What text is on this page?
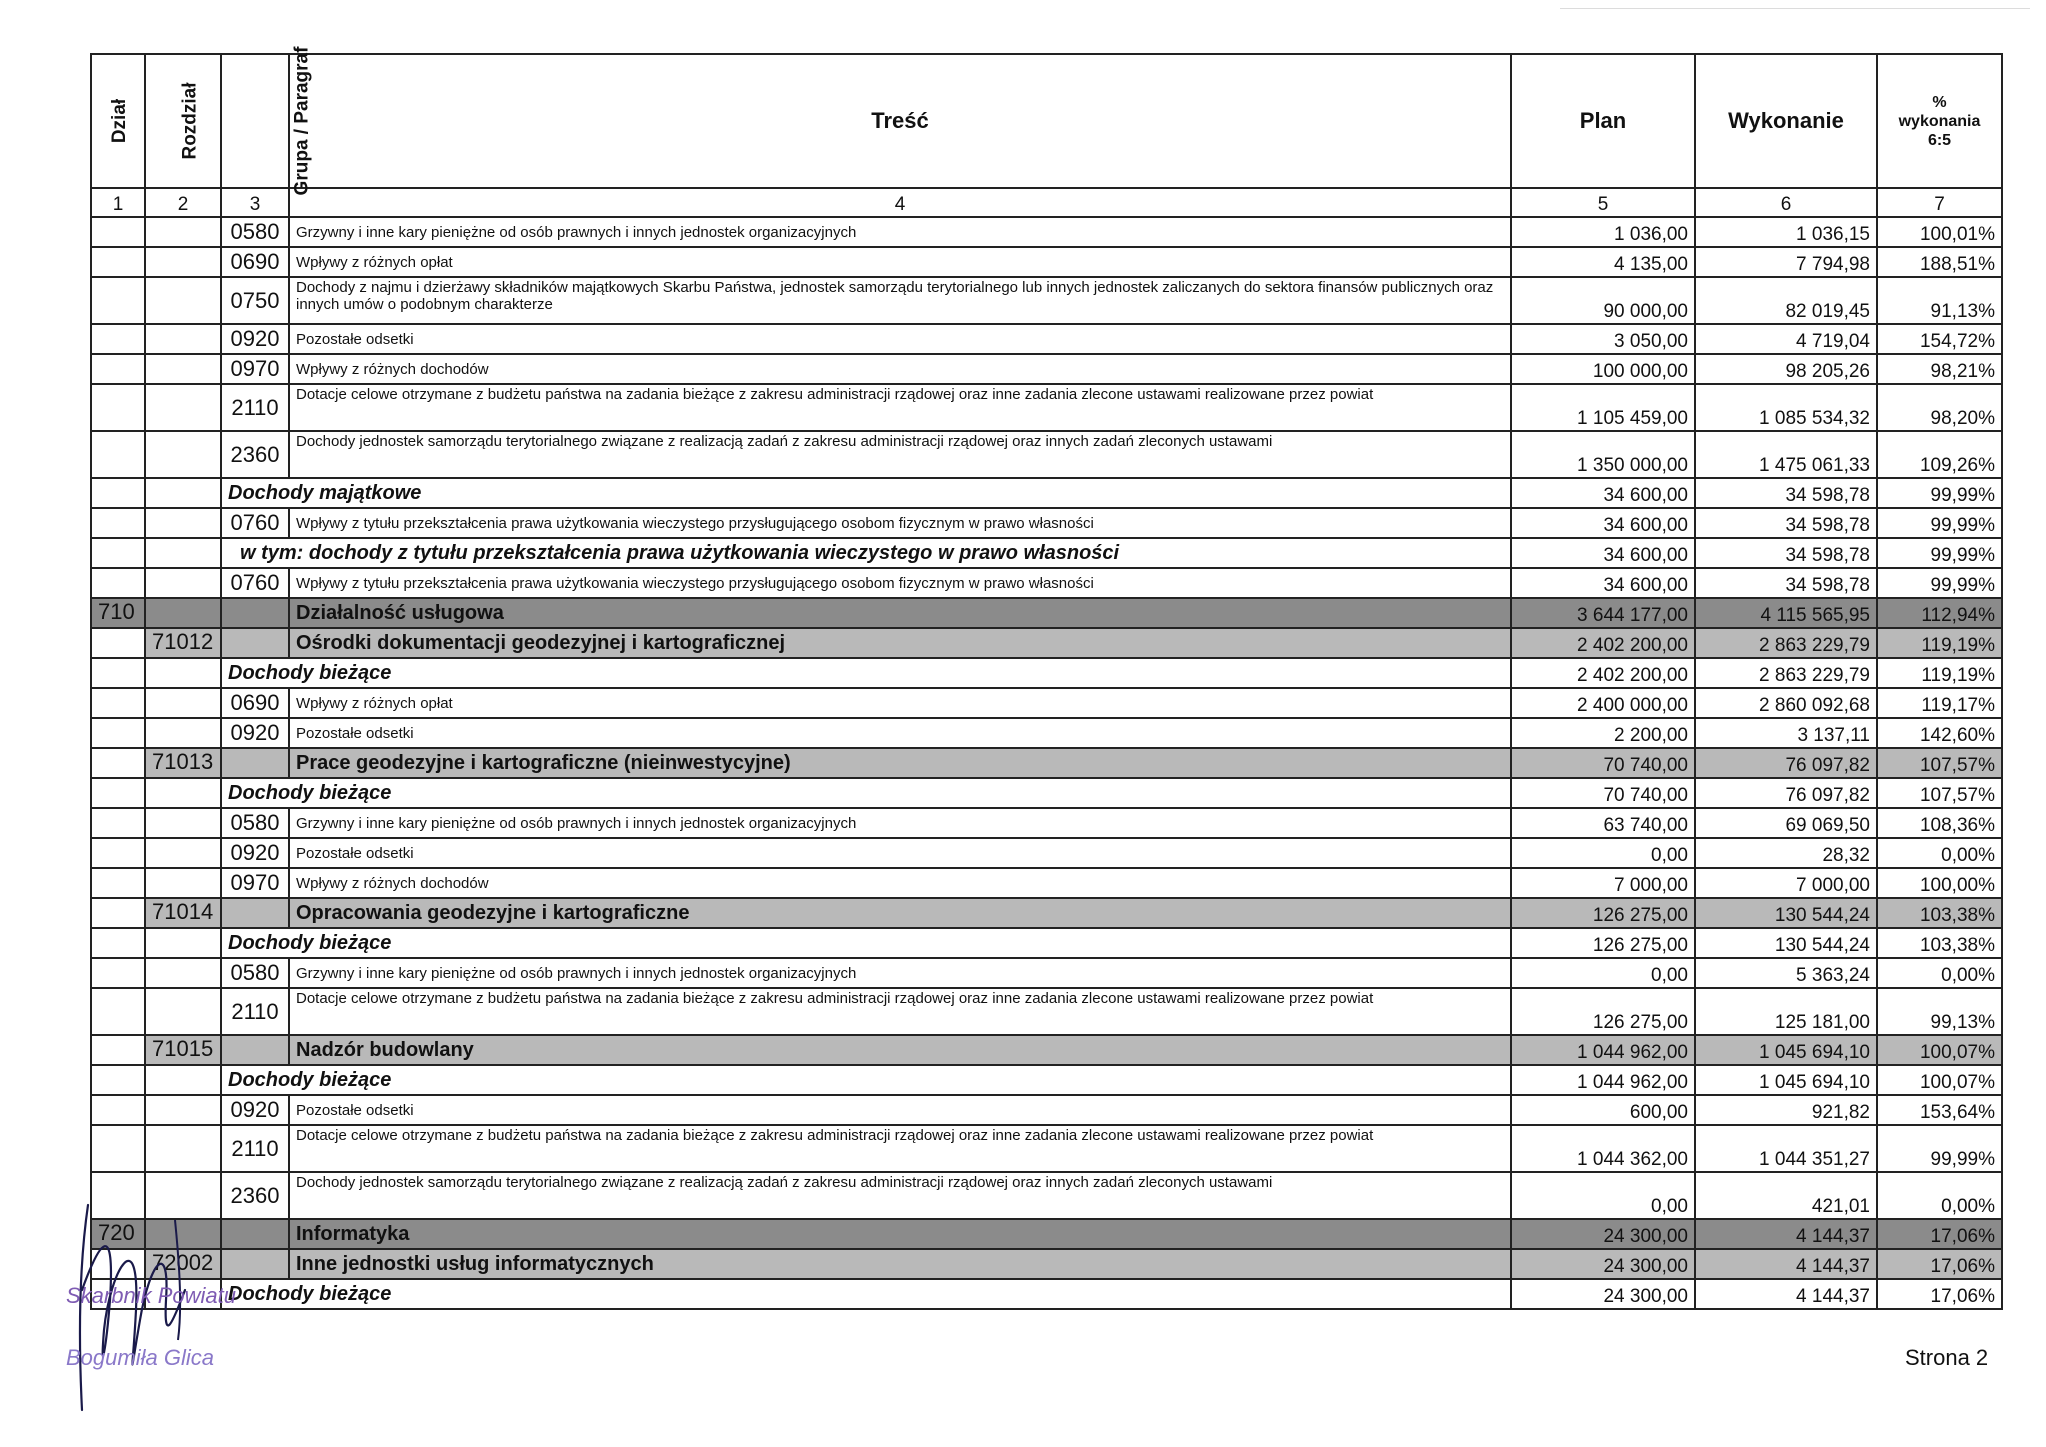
Dział	Rozdział	Grupa / Paragraf	Treść	Plan	Wykonanie	%
wykonania
6:5

1	2	3	4	5	6	7
		0580	Grzywny i inne kary pieniężne od osób prawnych i innych jednostek organizacyjnych	1 036,00	1 036,15	100,01%
		0690	Wpływy z różnych opłat	4 135,00	7 794,98	188,51%
		0750	Dochody z najmu i dzierżawy składników majątkowych Skarbu Państwa, jednostek samorządu terytorialnego lub innych jednostek zaliczanych do sektora finansów publicznych oraz innych umów o podobnym charakterze	90 000,00	82 019,45	91,13%
		0920	Pozostałe odsetki	3 050,00	4 719,04	154,72%
		0970	Wpływy z różnych dochodów	100 000,00	98 205,26	98,21%
		2110	Dotacje celowe otrzymane z budżetu państwa na zadania bieżące z zakresu administracji rządowej oraz inne zadania zlecone ustawami realizowane przez powiat	1 105 459,00	1 085 534,32	98,20%
		2360	Dochody jednostek samorządu terytorialnego związane z realizacją zadań z zakresu administracji rządowej oraz innych zadań zleconych ustawami	1 350 000,00	1 475 061,33	109,26%
		Dochody majątkowe		34 600,00	34 598,78	99,99%
		0760	Wpływy z tytułu przekształcenia prawa użytkowania wieczystego przysługującego osobom fizycznym w prawo własności	34 600,00	34 598,78	99,99%
		w tym: dochody z tytułu przekształcenia prawa użytkowania wieczystego w prawo własności		34 600,00	34 598,78	99,99%
		0760	Wpływy z tytułu przekształcenia prawa użytkowania wieczystego przysługującego osobom fizycznym w prawo własności	34 600,00	34 598,78	99,99%
710			Działalność usługowa	3 644 177,00	4 115 565,95	112,94%
	71012		Ośrodki dokumentacji geodezyjnej i kartograficznej	2 402 200,00	2 863 229,79	119,19%
		Dochody bieżące		2 402 200,00	2 863 229,79	119,19%
		0690	Wpływy z różnych opłat	2 400 000,00	2 860 092,68	119,17%
		0920	Pozostałe odsetki	2 200,00	3 137,11	142,60%
	71013		Prace geodezyjne i kartograficzne (nieinwestycyjne)	70 740,00	76 097,82	107,57%
		Dochody bieżące		70 740,00	76 097,82	107,57%
		0580	Grzywny i inne kary pieniężne od osób prawnych i innych jednostek organizacyjnych	63 740,00	69 069,50	108,36%
		0920	Pozostałe odsetki	0,00	28,32	0,00%
		0970	Wpływy z różnych dochodów	7 000,00	7 000,00	100,00%
	71014		Opracowania geodezyjne i kartograficzne	126 275,00	130 544,24	103,38%
		Dochody bieżące		126 275,00	130 544,24	103,38%
		0580	Grzywny i inne kary pieniężne od osób prawnych i innych jednostek organizacyjnych	0,00	5 363,24	0,00%
		2110	Dotacje celowe otrzymane z budżetu państwa na zadania bieżące z zakresu administracji rządowej oraz inne zadania zlecone ustawami realizowane przez powiat	126 275,00	125 181,00	99,13%
	71015		Nadzór budowlany	1 044 962,00	1 045 694,10	100,07%
		Dochody bieżące		1 044 962,00	1 045 694,10	100,07%
		0920	Pozostałe odsetki	600,00	921,82	153,64%
		2110	Dotacje celowe otrzymane z budżetu państwa na zadania bieżące z zakresu administracji rządowej oraz inne zadania zlecone ustawami realizowane przez powiat	1 044 362,00	1 044 351,27	99,99%
		2360	Dochody jednostek samorządu terytorialnego związane z realizacją zadań z zakresu administracji rządowej oraz innych zadań zleconych ustawami	0,00	421,01	0,00%
720			Informatyka	24 300,00	4 144,37	17,06%
	72002		Inne jednostki usług informatycznych	24 300,00	4 144,37	17,06%
		Dochody bieżące		24 300,00	4 144,37	17,06%
Skarbnik Powiatu
Bogumiła Glica	Strona 2
